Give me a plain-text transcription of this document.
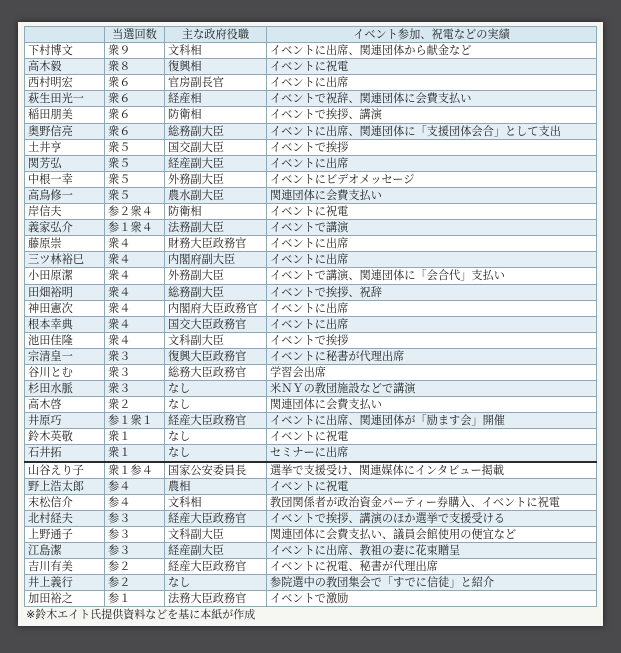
	当選回数	主な政府役職	イベント参加、祝電などの実績
下村博文	衆９	文科相	イベントに出席、関連団体から献金など
高木毅	衆８	復興相	イベントに祝電
西村明宏	衆６	官房副長官	イベントに出席
萩生田光一	衆６	経産相	イベントで祝辞、関連団体に会費支払い
稲田朋美	衆６	防衛相	イベントで挨拶、講演
奥野信亮	衆６	総務副大臣	イベントに出席、関連団体に「支援団体会合」として支出
土井亨	衆５	国交副大臣	イベントで挨拶
関芳弘	衆５	経産副大臣	イベントに出席
中根一幸	衆５	外務副大臣	イベントにビデオメッセージ
高鳥修一	衆５	農水副大臣	関連団体に会費支払い
岸信夫	参２衆４	防衛相	イベントに祝電
義家弘介	参１衆４	法務副大臣	イベントで講演
藤原崇	衆４	財務大臣政務官	イベントに出席
三ツ林裕巳	衆４	内閣府副大臣	イベントに出席
小田原潔	衆４	外務副大臣	イベントで講演、関連団体に「会合代」支払い
田畑裕明	衆４	総務副大臣	イベントで挨拶、祝辞
神田憲次	衆４	内閣府大臣政務官	イベントに出席
根本幸典	衆４	国交大臣政務官	イベントに出席
池田佳隆	衆４	文科副大臣	イベントで挨拶
宗清皇一	衆３	復興大臣政務官	イベントに秘書が代理出席
谷川とむ	衆３	総務大臣政務官	学習会出席
杉田水脈	衆３	なし	米ＮＹの教団施設などで講演
高木啓	衆２	なし	関連団体に会費支払い
井原巧	参１衆１	経産大臣政務官	イベントに出席、関連団体が「励ます会」開催
鈴木英敬	衆１	なし	イベントに祝電
石井拓	衆１	なし	セミナーに出席
山谷えり子	衆１参４	国家公安委員長	選挙で支援受け、関連媒体にインタビュー掲載
野上浩太郎	参４	農相	イベントに祝電
末松信介	参４	文科相	教団関係者が政治資金パーティー券購入、イベントに祝電
北村経夫	参３	経産大臣政務官	イベントで挨拶、講演のほか選挙で支援受ける
上野通子	参３	文科副大臣	関連団体に会費支払い、議員会館使用の便宜など
江島潔	参３	経産副大臣	イベントに出席、教祖の妻に花束贈呈
吉川有美	参２	経産大臣政務官	イベントに祝電、秘書が代理出席
井上義行	参２	なし	参院選中の教団集会で「すでに信徒」と紹介
加田裕之	参１	法務大臣政務官	イベントで激励
※鈴木エイト氏提供資料などを基に本紙が作成
